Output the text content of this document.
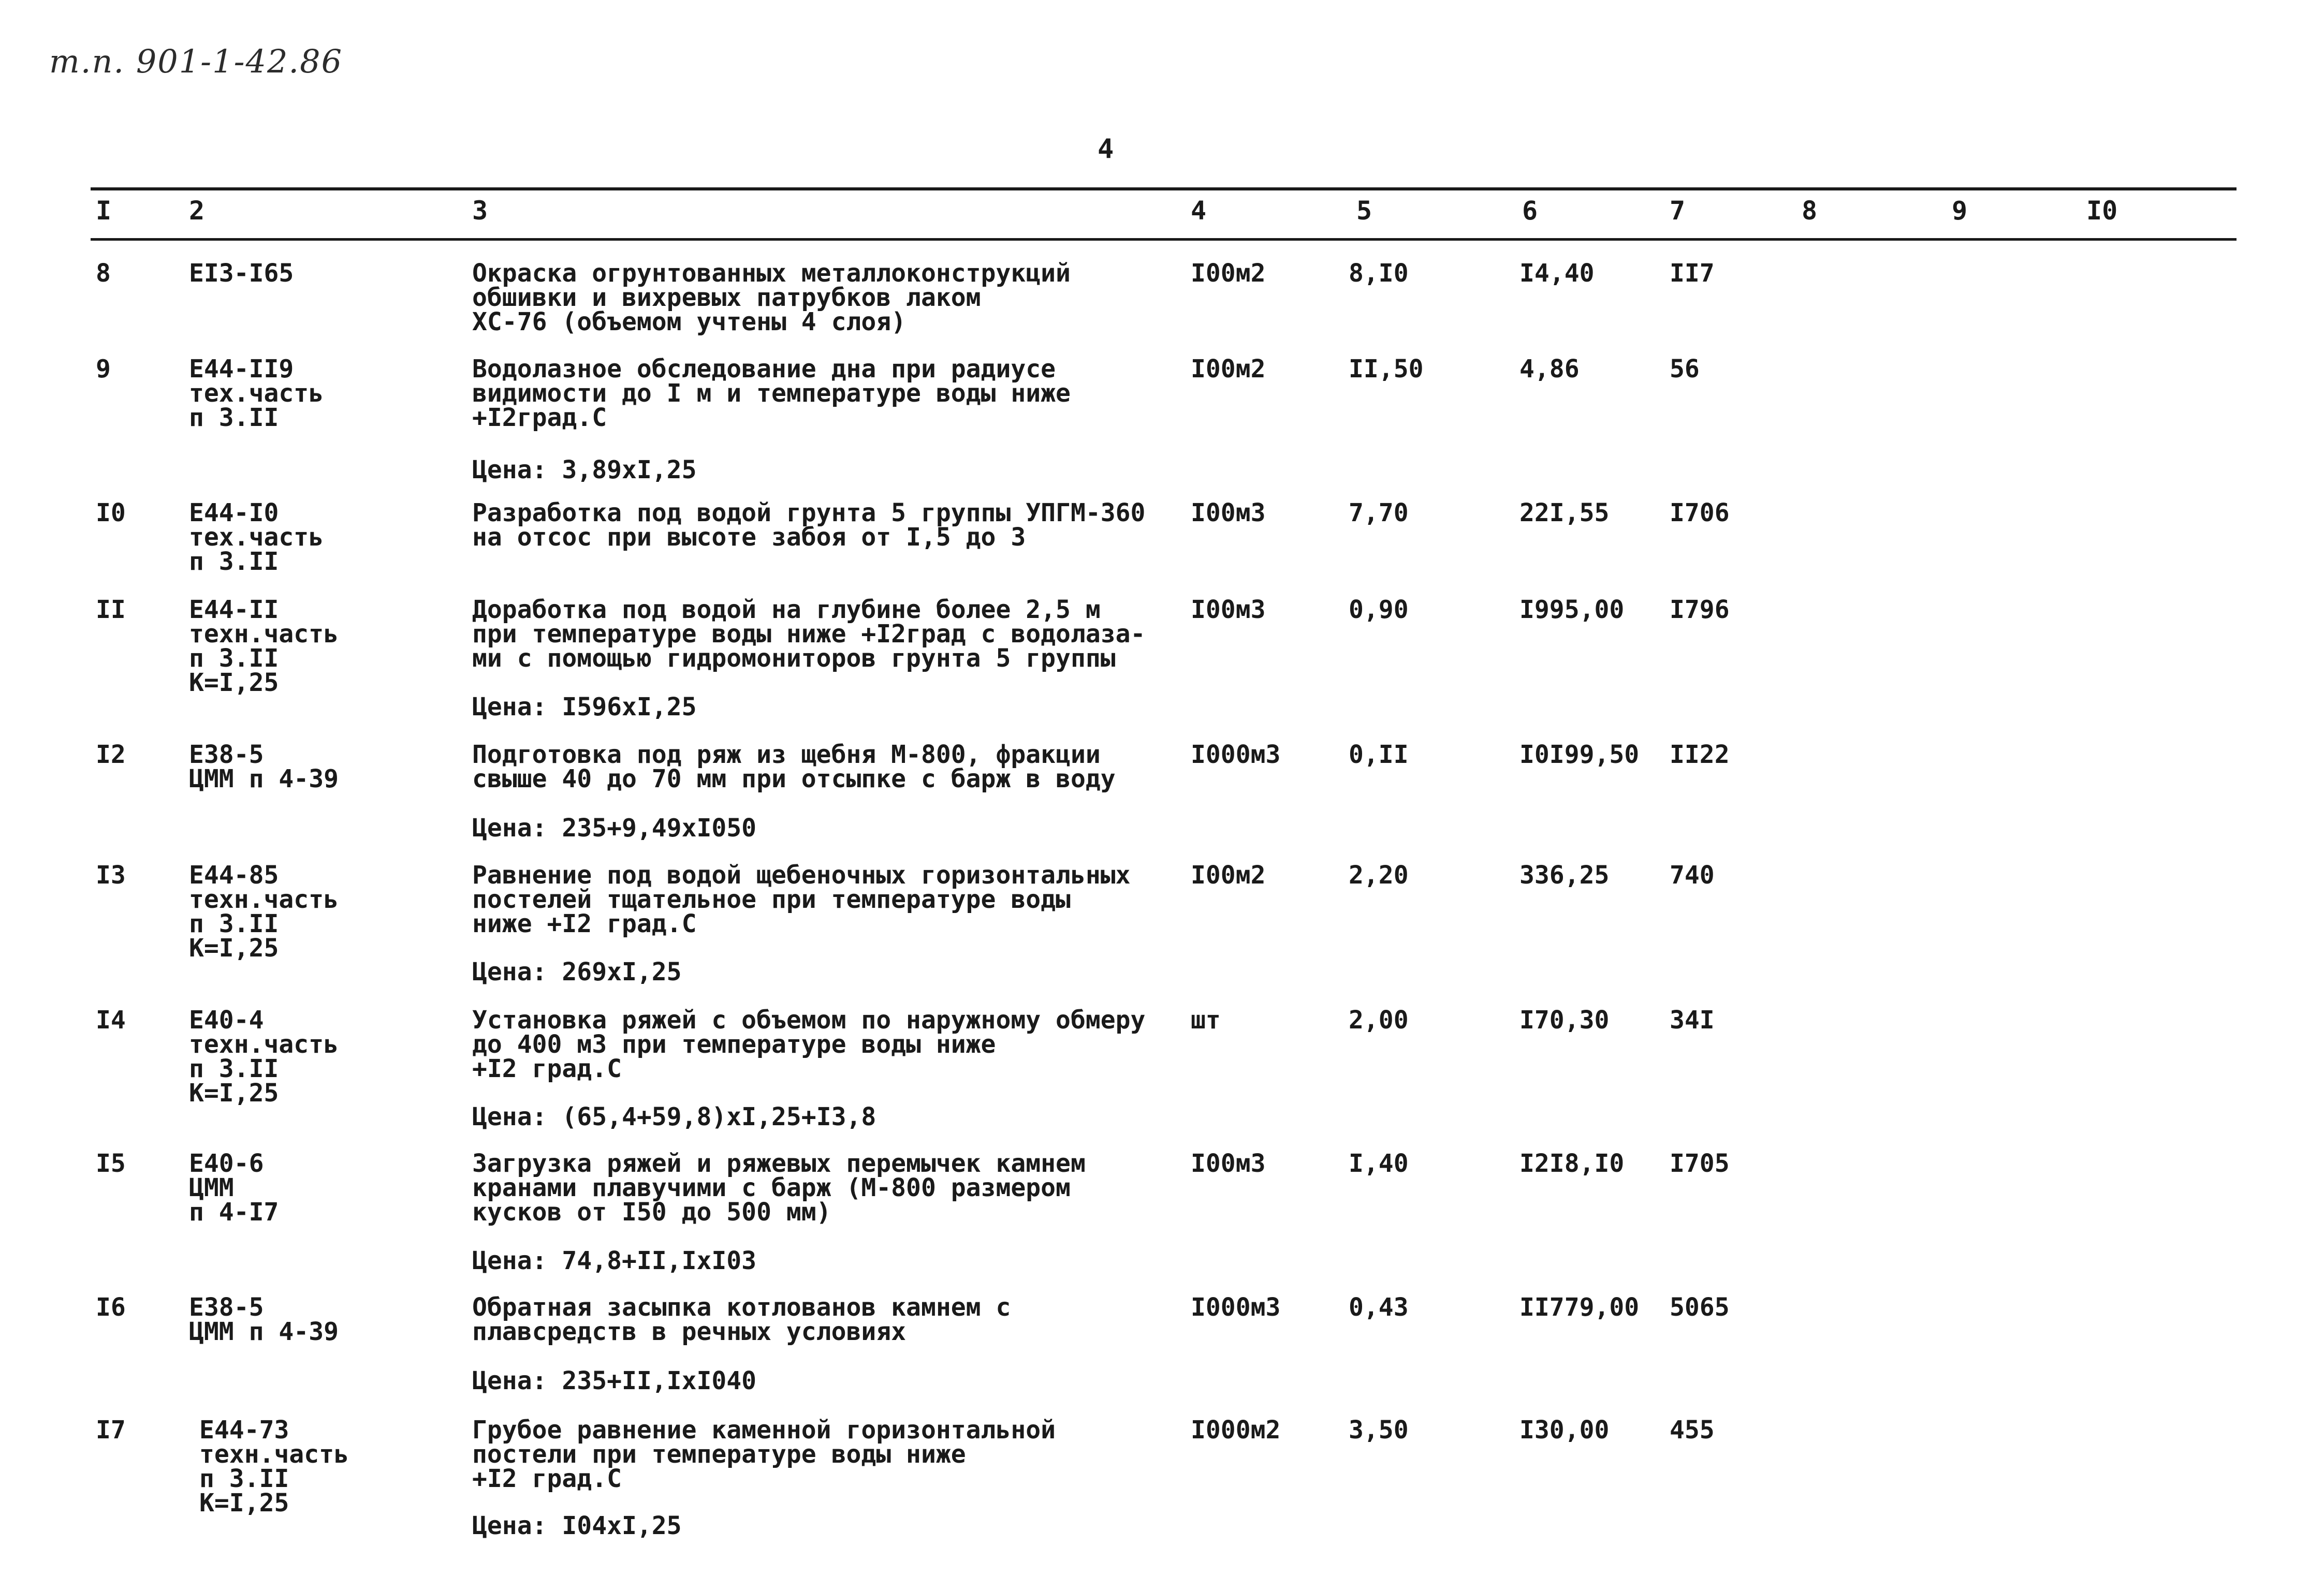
т.п. 901-1-42.86
4
I	2	3	4	5	6	7	8	9	I0
8	EI3-I65	Окраска огрунтованных металлоконструкций
обшивки и вихревых патрубков лаком
ХС-76 (объемом учтены 4 слоя)
I00м2	8,I0	I4,40	II7
9	E44-II9
тех.часть
п 3.II
Водолазное обследование дна при радиусе
видимости до I м и температуре воды ниже
+I2град.С
I00м2	II,50	4,86	56
Цена: 3,89хI,25
I0	E44-I0
тех.часть
п 3.II
Разработка под водой грунта 5 группы УПГМ-360
на отсос при высоте забоя от I,5 до 3
I00м3	7,70	22I,55 I706
II	E44-II
техн.часть
п 3.II
К=I,25
Доработка под водой на глубине более 2,5 м
при температуре воды ниже +I2град с водолаза-
ми с помощью гидромониторов грунта 5 группы
I00м3	0,90	I995,00 I796
Цена: I596хI,25
I2	E38-5
ЦММ п 4-39
Подготовка под ряж из щебня М-800, фракции
свыше 40 до 70 мм при отсыпке с барж в воду
I000м3	0,II	I0I99,50 II22
Цена: 235+9,49хI050
I3	E44-85
техн.часть
п 3.II
К=I,25
Равнение под водой щебеночных горизонтальных
постелей тщательное при температуре воды
ниже +I2 град.С
I00м2	2,20	336,25 740
Цена: 269хI,25
I4	E40-4
техн.часть
п 3.II
К=I,25
Установка ряжей с объемом по наружному обмеру
до 400 м3 при температуре воды ниже
+I2 град.С
шт	2,00	I70,30 34I
Цена: (65,4+59,8)хI,25+I3,8
I5	E40-6
ЦММ
п 4-I7
Загрузка ряжей и ряжевых перемычек камнем
кранами плавучими с барж (М-800 размером
кусков от I50 до 500 мм)
I00м3	I,40	I2I8,I0 I705
Цена: 74,8+II,IхI03
I6	E38-5
ЦММ п 4-39
Обратная засыпка котлованов камнем с
плавсредств в речных условиях
I000м3	0,43	II779,00 5065
Цена: 235+II,IхI040
I7	E44-73
техн.часть
п 3.II
К=I,25
Грубое равнение каменной горизонтальной
постели при температуре воды ниже
+I2 град.С
I000м2	3,50	I30,00 455
Цена: I04хI,25
